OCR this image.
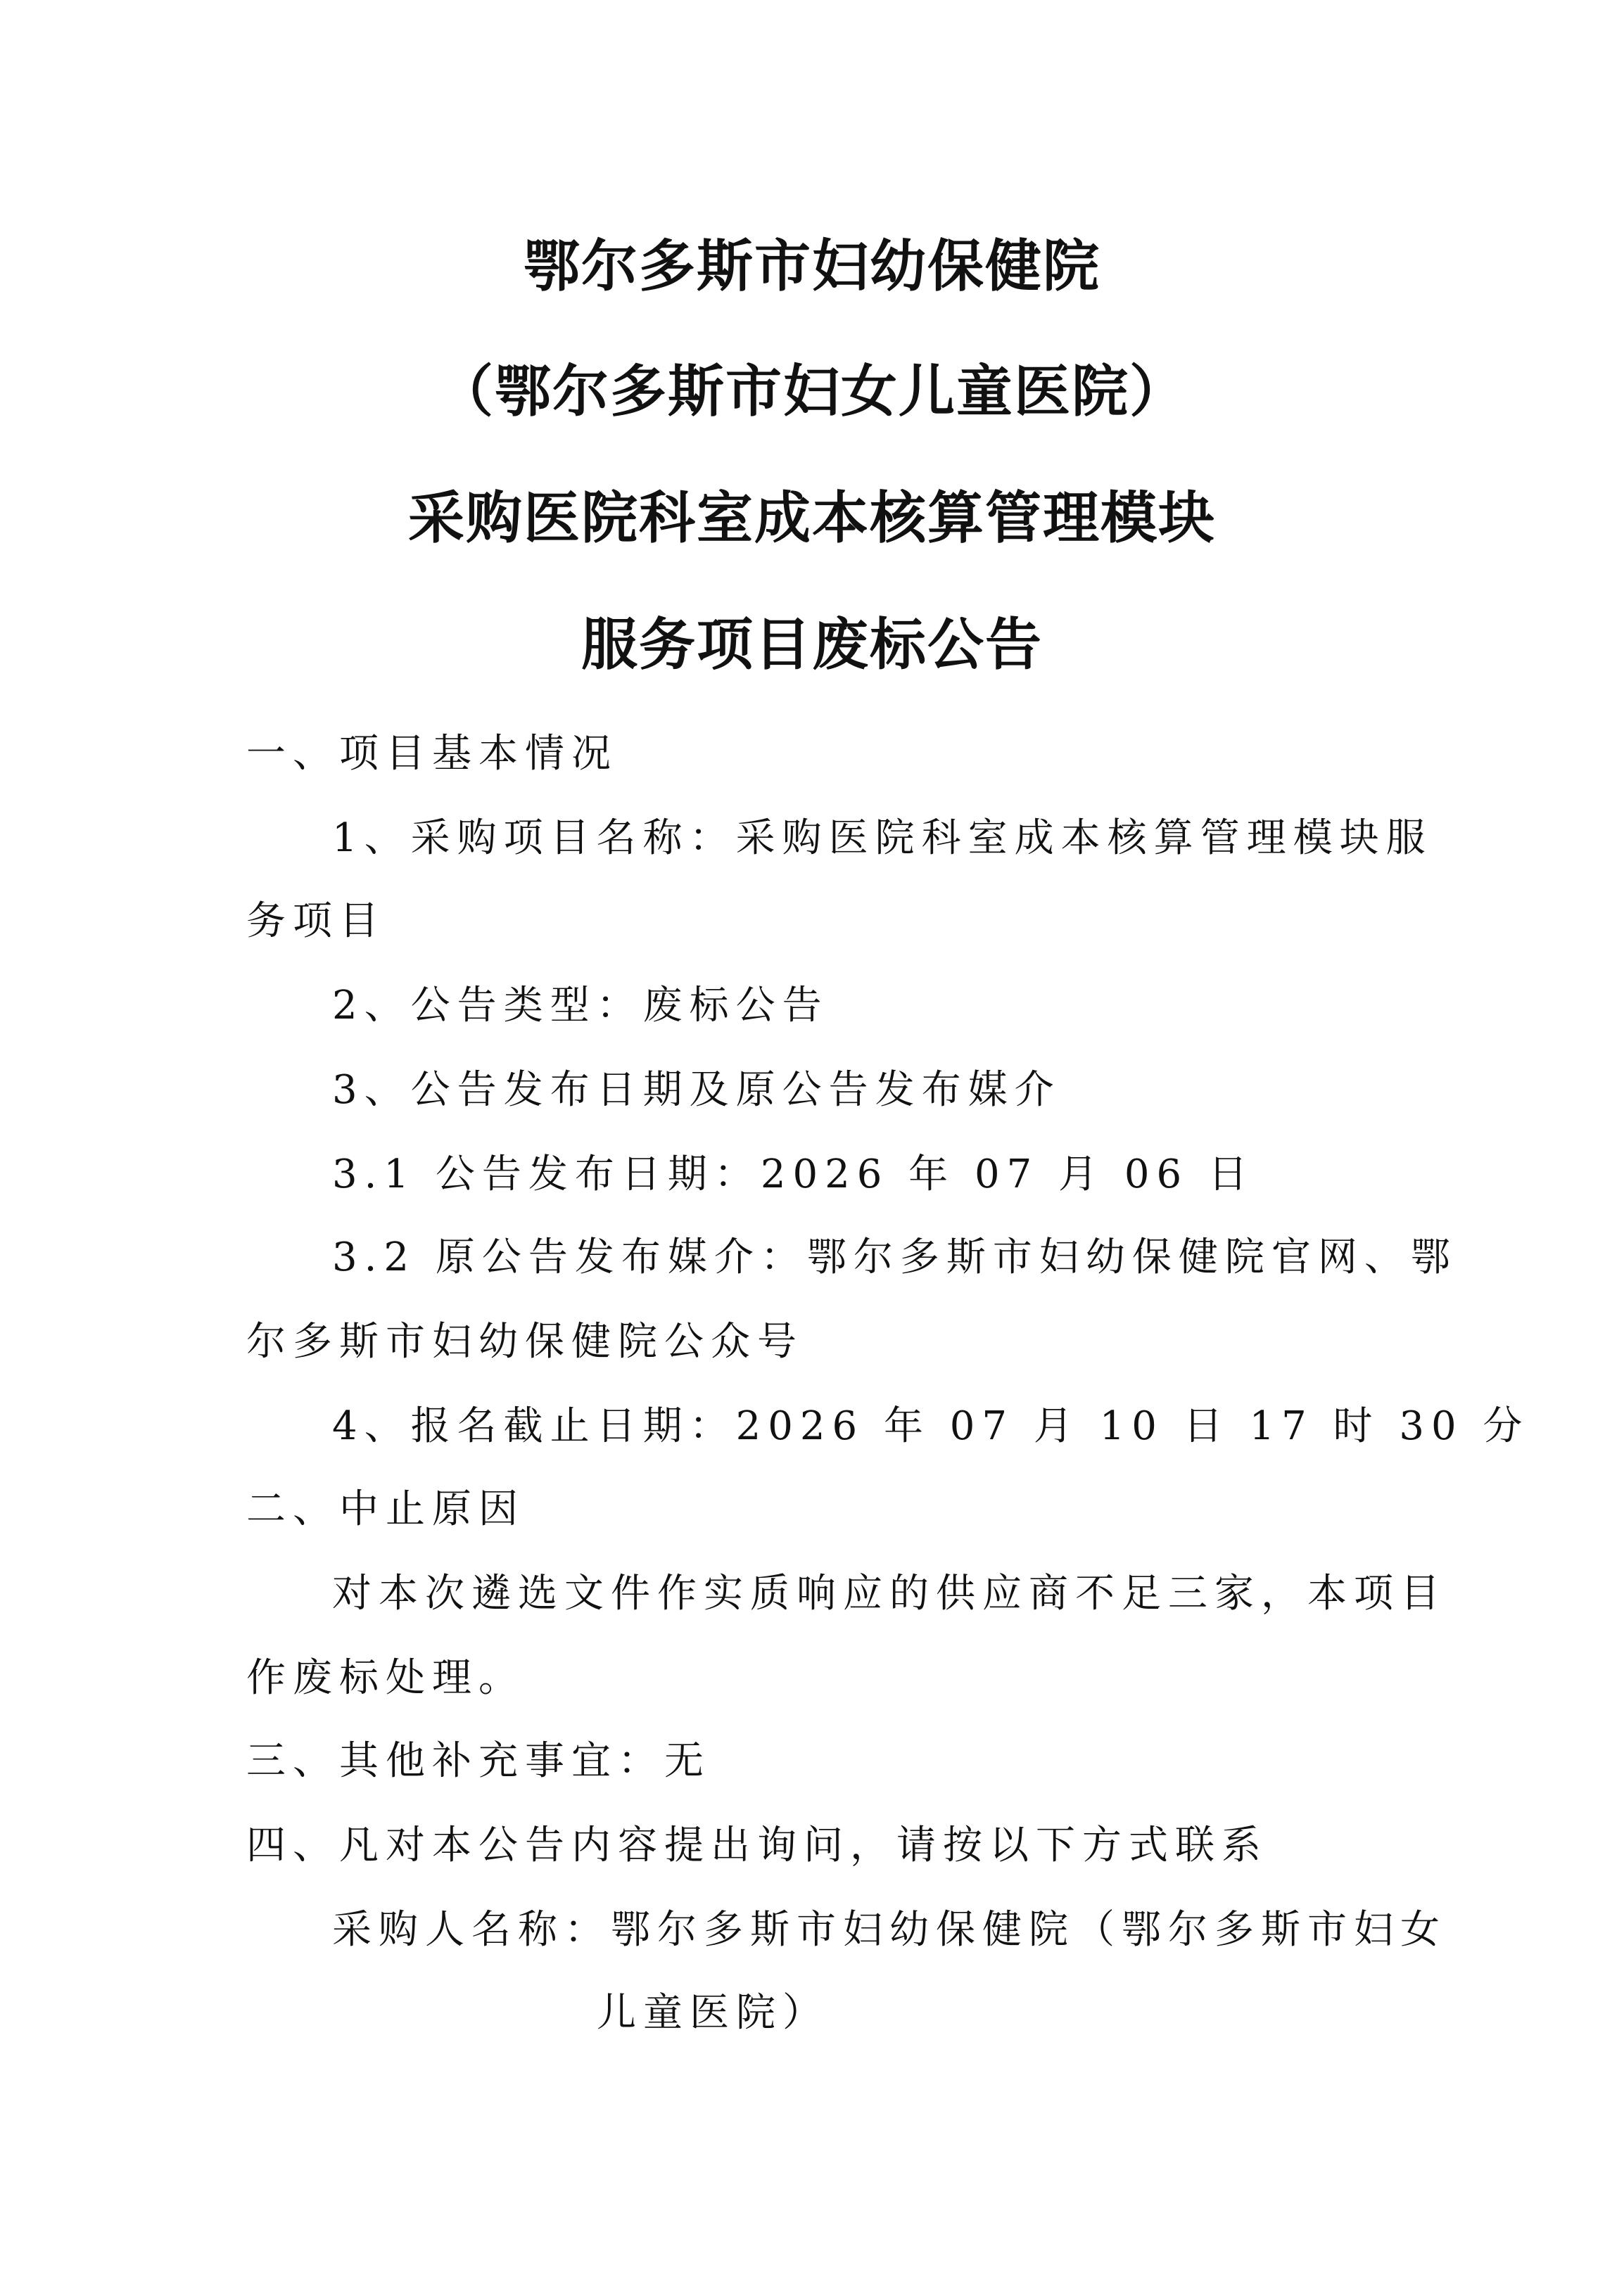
鄂尔多斯市妇幼保健院
（鄂尔多斯市妇女儿童医院）
采购医院科室成本核算管理模块
服务项目废标公告
一、项目基本情况
1、采购项目名称：采购医院科室成本核算管理模块服
务项目
2、公告类型：废标公告
3、公告发布日期及原公告发布媒介
3.1 公告发布日期：2026 年 07 月 06 日
3.2 原公告发布媒介：鄂尔多斯市妇幼保健院官网、鄂
尔多斯市妇幼保健院公众号
4、报名截止日期：2026 年 07 月 10 日 17 时 30 分
二、中止原因
对本次遴选文件作实质响应的供应商不足三家，本项目
作废标处理。
三、其他补充事宜：无
四、凡对本公告内容提出询问，请按以下方式联系
采购人名称：鄂尔多斯市妇幼保健院（鄂尔多斯市妇女
儿童医院）
